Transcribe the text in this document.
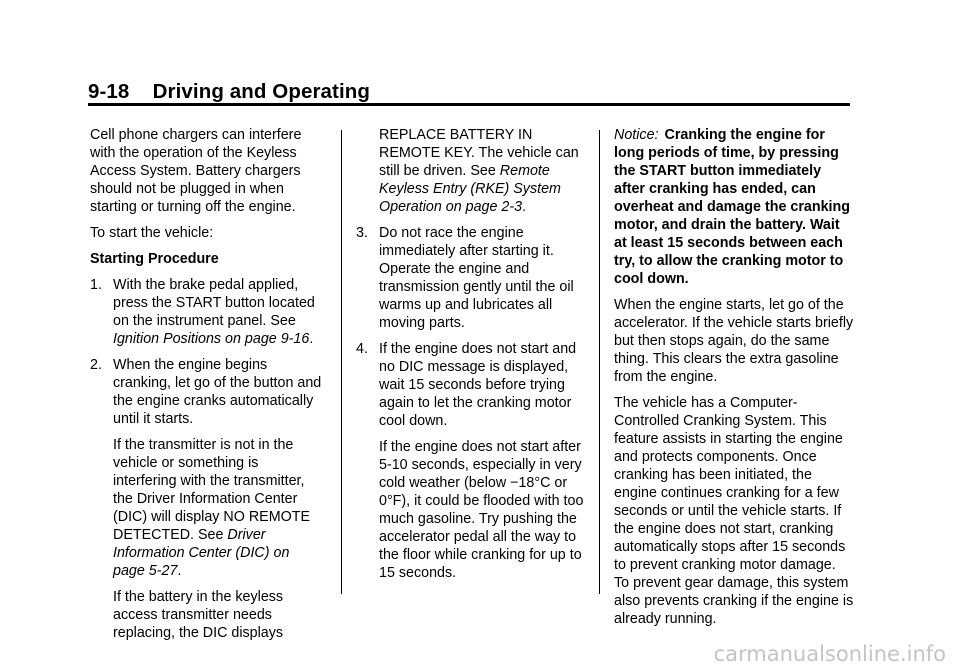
9-18 Driving and Operating

Cell phone chargers can interfere with the operation of the Keyless Access System. Battery chargers should not be plugged in when starting or turning off the engine.

To start the vehicle:

Starting Procedure

1. With the brake pedal applied, press the START button located on the instrument panel. See Ignition Positions on page 9-16.
2. When the engine begins cranking, let go of the button and the engine cranks automatically until it starts.

If the transmitter is not in the vehicle or something is interfering with the transmitter, the Driver Information Center (DIC) will display NO REMOTE DETECTED. See Driver Information Center (DIC) on page 5-27.

If the battery in the keyless access transmitter needs replacing, the DIC displays

REPLACE BATTERY IN REMOTE KEY. The vehicle can still be driven. See Remote Keyless Entry (RKE) System Operation on page 2-3.

3. Do not race the engine immediately after starting it. Operate the engine and transmission gently until the oil warms up and lubricates all moving parts.
4. If the engine does not start and no DIC message is displayed, wait 15 seconds before trying again to let the cranking motor cool down.

If the engine does not start after 5-10 seconds, especially in very cold weather (below −18°C or 0°F), it could be flooded with too much gasoline. Try pushing the accelerator pedal all the way to the floor while cranking for up to 15 seconds.

Notice: Cranking the engine for long periods of time, by pressing the START button immediately after cranking has ended, can overheat and damage the cranking motor, and drain the battery. Wait at least 15 seconds between each try, to allow the cranking motor to cool down.

When the engine starts, let go of the accelerator. If the vehicle starts briefly but then stops again, do the same thing. This clears the extra gasoline from the engine.

The vehicle has a Computer-Controlled Cranking System. This feature assists in starting the engine and protects components. Once cranking has been initiated, the engine continues cranking for a few seconds or until the vehicle starts. If the engine does not start, cranking automatically stops after 15 seconds to prevent cranking motor damage. To prevent gear damage, this system also prevents cranking if the engine is already running.

carmanualsonline.info
